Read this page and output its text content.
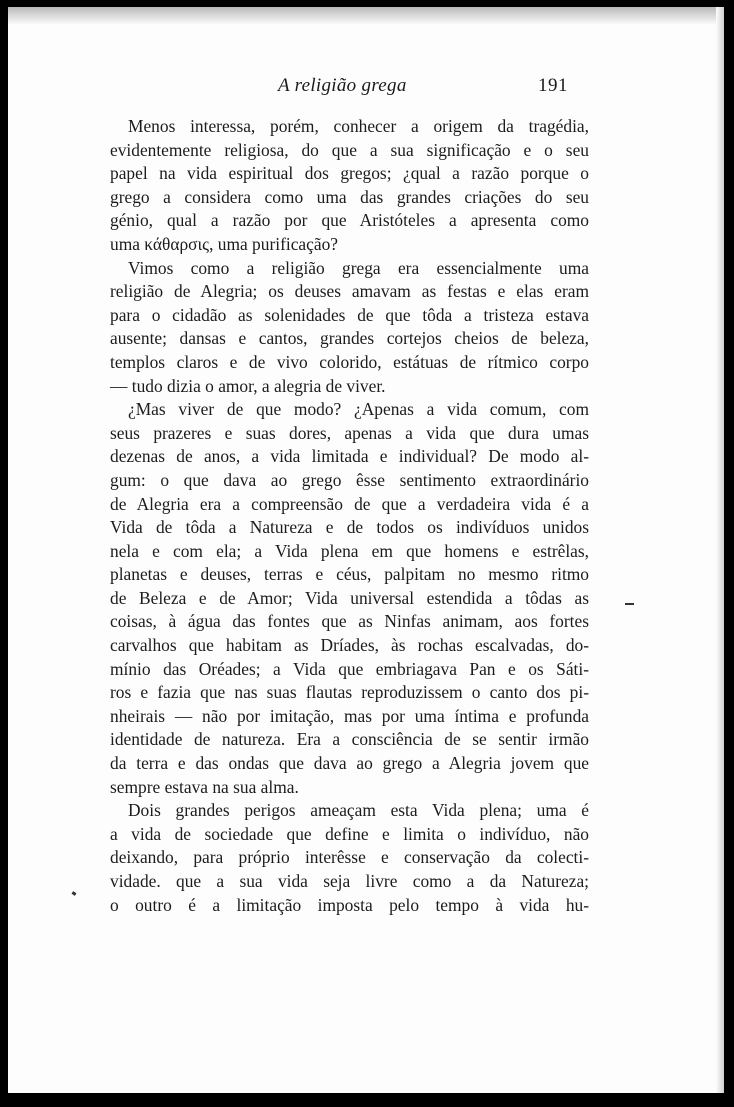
A religião grega	191
Menos interessa, porém, conhecer a origem da tragédia,
evidentemente religiosa, do que a sua significação e o seu
papel na vida espiritual dos gregos; ¿qual a razão porque o
grego a considera como uma das grandes criações do seu
génio, qual a razão por que Aristóteles a apresenta como
uma κάθαρσις, uma purificação?
Vimos como a religião grega era essencialmente uma
religião de Alegria; os deuses amavam as festas e elas eram
para o cidadão as solenidades de que tôda a tristeza estava
ausente; dansas e cantos, grandes cortejos cheios de beleza,
templos claros e de vivo colorido, estátuas de rítmico corpo
— tudo dizia o amor, a alegria de viver.
¿Mas viver de que modo? ¿Apenas a vida comum, com
seus prazeres e suas dores, apenas a vida que dura umas
dezenas de anos, a vida limitada e individual? De modo al-
gum: o que dava ao grego êsse sentimento extraordinário
de Alegria era a compreensão de que a verdadeira vida é a
Vida de tôda a Natureza e de todos os indivíduos unidos
nela e com ela; a Vida plena em que homens e estrêlas,
planetas e deuses, terras e céus, palpitam no mesmo ritmo
de Beleza e de Amor; Vida universal estendida a tôdas as
coisas, à água das fontes que as Ninfas animam, aos fortes
carvalhos que habitam as Dríades, às rochas escalvadas, do-
mínio das Oréades; a Vida que embriagava Pan e os Sáti-
ros e fazia que nas suas flautas reproduzissem o canto dos pi-
nheirais — não por imitação, mas por uma íntima e profunda
identidade de natureza. Era a consciência de se sentir irmão
da terra e das ondas que dava ao grego a Alegria jovem que
sempre estava na sua alma.
Dois grandes perigos ameaçam esta Vida plena; uma é
a vida de sociedade que define e limita o indivíduo, não
deixando, para próprio interêsse e conservação da colecti-
vidade. que a sua vida seja livre como a da Natureza;
o outro é a limitação imposta pelo tempo à vida hu-
